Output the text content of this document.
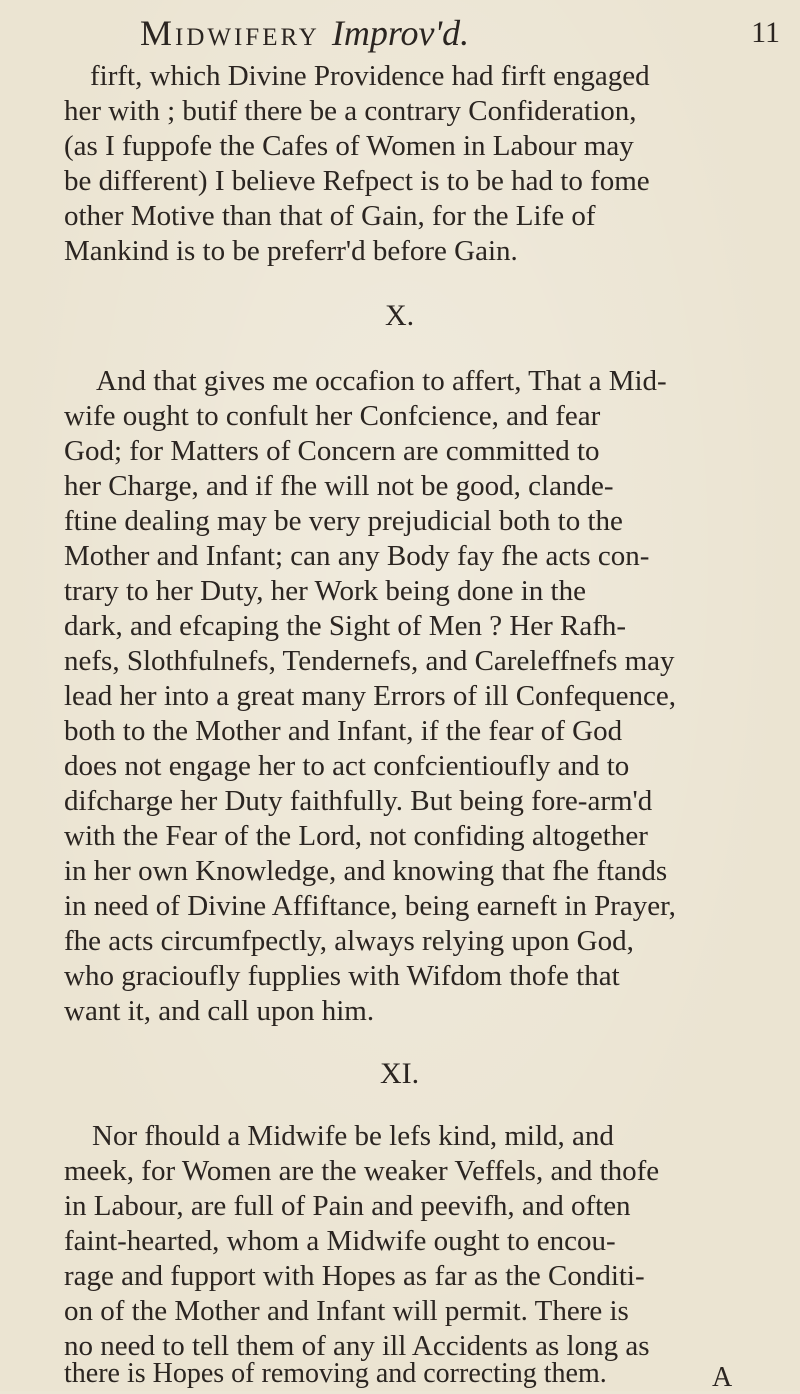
Midwifery Improv'd.	11
firft, which Divine Providence had firft engaged
her with ; butif there be a contrary Confideration,
(as I fuppofe the Cafes of Women in Labour may
be different) I believe Refpect is to be had to fome
other Motive than that of Gain, for the Life of
Mankind is to be preferr'd before Gain.
X.
And that gives me occafion to affert, That a Mid-
wife ought to confult her Confcience, and fear
God; for Matters of Concern are committed to
her Charge, and if fhe will not be good, clande-
ftine dealing may be very prejudicial both to the
Mother and Infant; can any Body fay fhe acts con-
trary to her Duty, her Work being done in the
dark, and efcaping the Sight of Men ? Her Rafh-
nefs, Slothfulnefs, Tendernefs, and Careleffnefs may
lead her into a great many Errors of ill Confequence,
both to the Mother and Infant, if the fear of God
does not engage her to act confcientioufly and to
difcharge her Duty faithfully. But being fore-arm'd
with the Fear of the Lord, not confiding altogether
in her own Knowledge, and knowing that fhe ftands
in need of Divine Affiftance, being earneft in Prayer,
fhe acts circumfpectly, always relying upon God,
who gracioufly fupplies with Wifdom thofe that
want it, and call upon him.
XI.
Nor fhould a Midwife be lefs kind, mild, and
meek, for Women are the weaker Veffels, and thofe
in Labour, are full of Pain and peevifh, and often
faint-hearted, whom a Midwife ought to encou-
rage and fupport with Hopes as far as the Conditi-
on of the Mother and Infant will permit. There is
no need to tell them of any ill Accidents as long as
there is Hopes of removing and correcting them.	A
